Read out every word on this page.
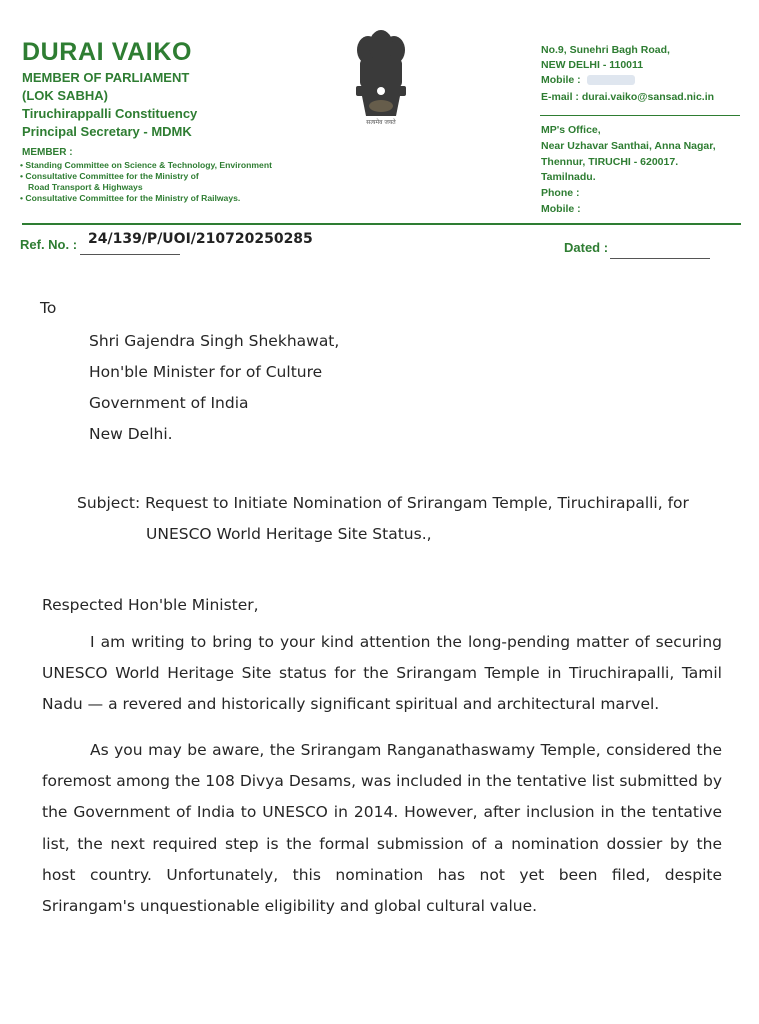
DURAI VAIKO
MEMBER OF PARLIAMENT
(LOK SABHA)
Tiruchirappalli Constituency
Principal Secretary - MDMK
MEMBER :
• Standing Committee on Science & Technology, Environment
• Consultative Committee for the Ministry of
Road Transport & Highways
• Consultative Committee for the Ministry of Railways.
सत्यमेव जयते
No.9, Sunehri Bagh Road,
NEW DELHI - 110011
Mobile :
E-mail : durai.vaiko@sansad.nic.in
MP's Office,
Near Uzhavar Santhai, Anna Nagar,
Thennur, TIRUCHI - 620017.
Tamilnadu.
Phone :
Mobile :
Ref. No. : 24/139/P/UOI/210720250285
Dated :
To
Shri Gajendra Singh Shekhawat,
Hon'ble Minister for of Culture
Government of India
New Delhi.
Subject: Request to Initiate Nomination of Srirangam Temple, Tiruchirapalli, for
UNESCO World Heritage Site Status.,
Respected Hon'ble Minister,
I am writing to bring to your kind attention the long-pending matter of securing UNESCO World Heritage Site status for the Srirangam Temple in Tiruchirapalli, Tamil Nadu — a revered and historically significant spiritual and architectural marvel.
As you may be aware, the Srirangam Ranganathaswamy Temple, considered the foremost among the 108 Divya Desams, was included in the tentative list submitted by the Government of India to UNESCO in 2014. However, after inclusion in the tentative list, the next required step is the formal submission of a nomination dossier by the host country. Unfortunately, this nomination has not yet been filed, despite Srirangam's unquestionable eligibility and global cultural value.
